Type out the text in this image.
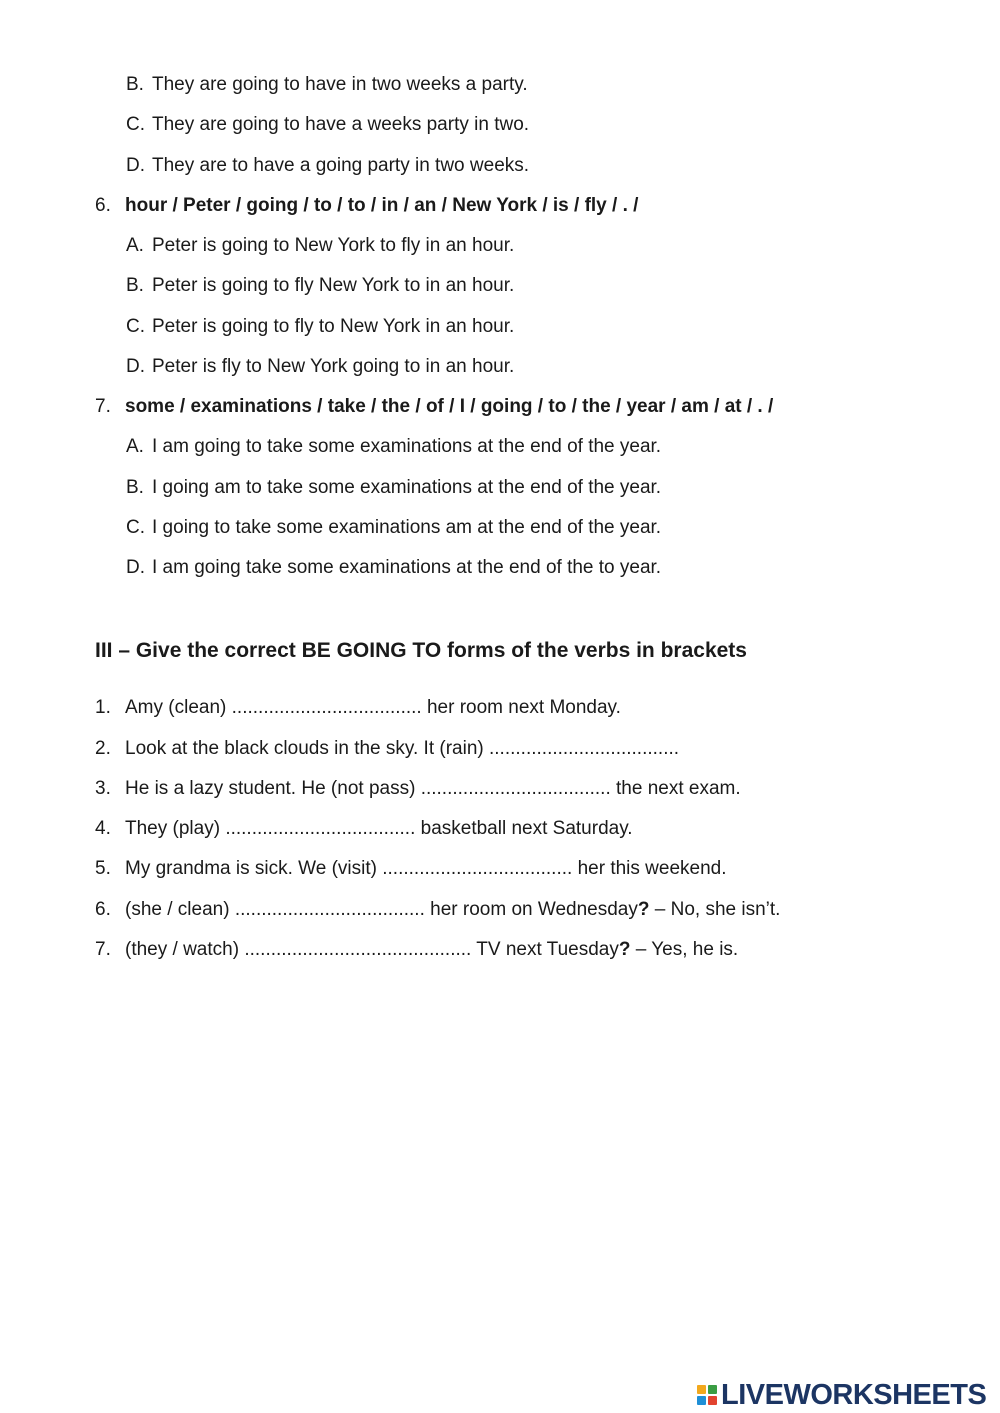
B. They are going to have in two weeks a party.
C. They are going to have a weeks party in two.
D. They are to have a going party in two weeks.
6. hour / Peter / going / to / to / in / an / New York / is / fly / . /
A. Peter is going to New York to fly in an hour.
B. Peter is going to fly New York to in an hour.
C. Peter is going to fly to New York in an hour.
D. Peter is fly to New York going to in an hour.
7. some / examinations / take / the / of / I / going / to / the / year / am / at / . /
A. I am going to take some examinations at the end of the year.
B. I going am to take some examinations at the end of the year.
C. I going to take some examinations am at the end of the year.
D. I am going take some examinations at the end of the to year.
III – Give the correct BE GOING TO forms of the verbs in brackets
1. Amy (clean) .................................... her room next Monday.
2. Look at the black clouds in the sky. It (rain) ....................................
3. He is a lazy student. He (not pass) .................................... the next exam.
4. They (play) .................................... basketball next Saturday.
5. My grandma is sick. We (visit) .................................... her this weekend.
6. (she / clean) .................................... her room on Wednesday? – No, she isn’t.
7. (they / watch) ........................................... TV next Tuesday? – Yes, he is.
LIVEWORKSHEETS
